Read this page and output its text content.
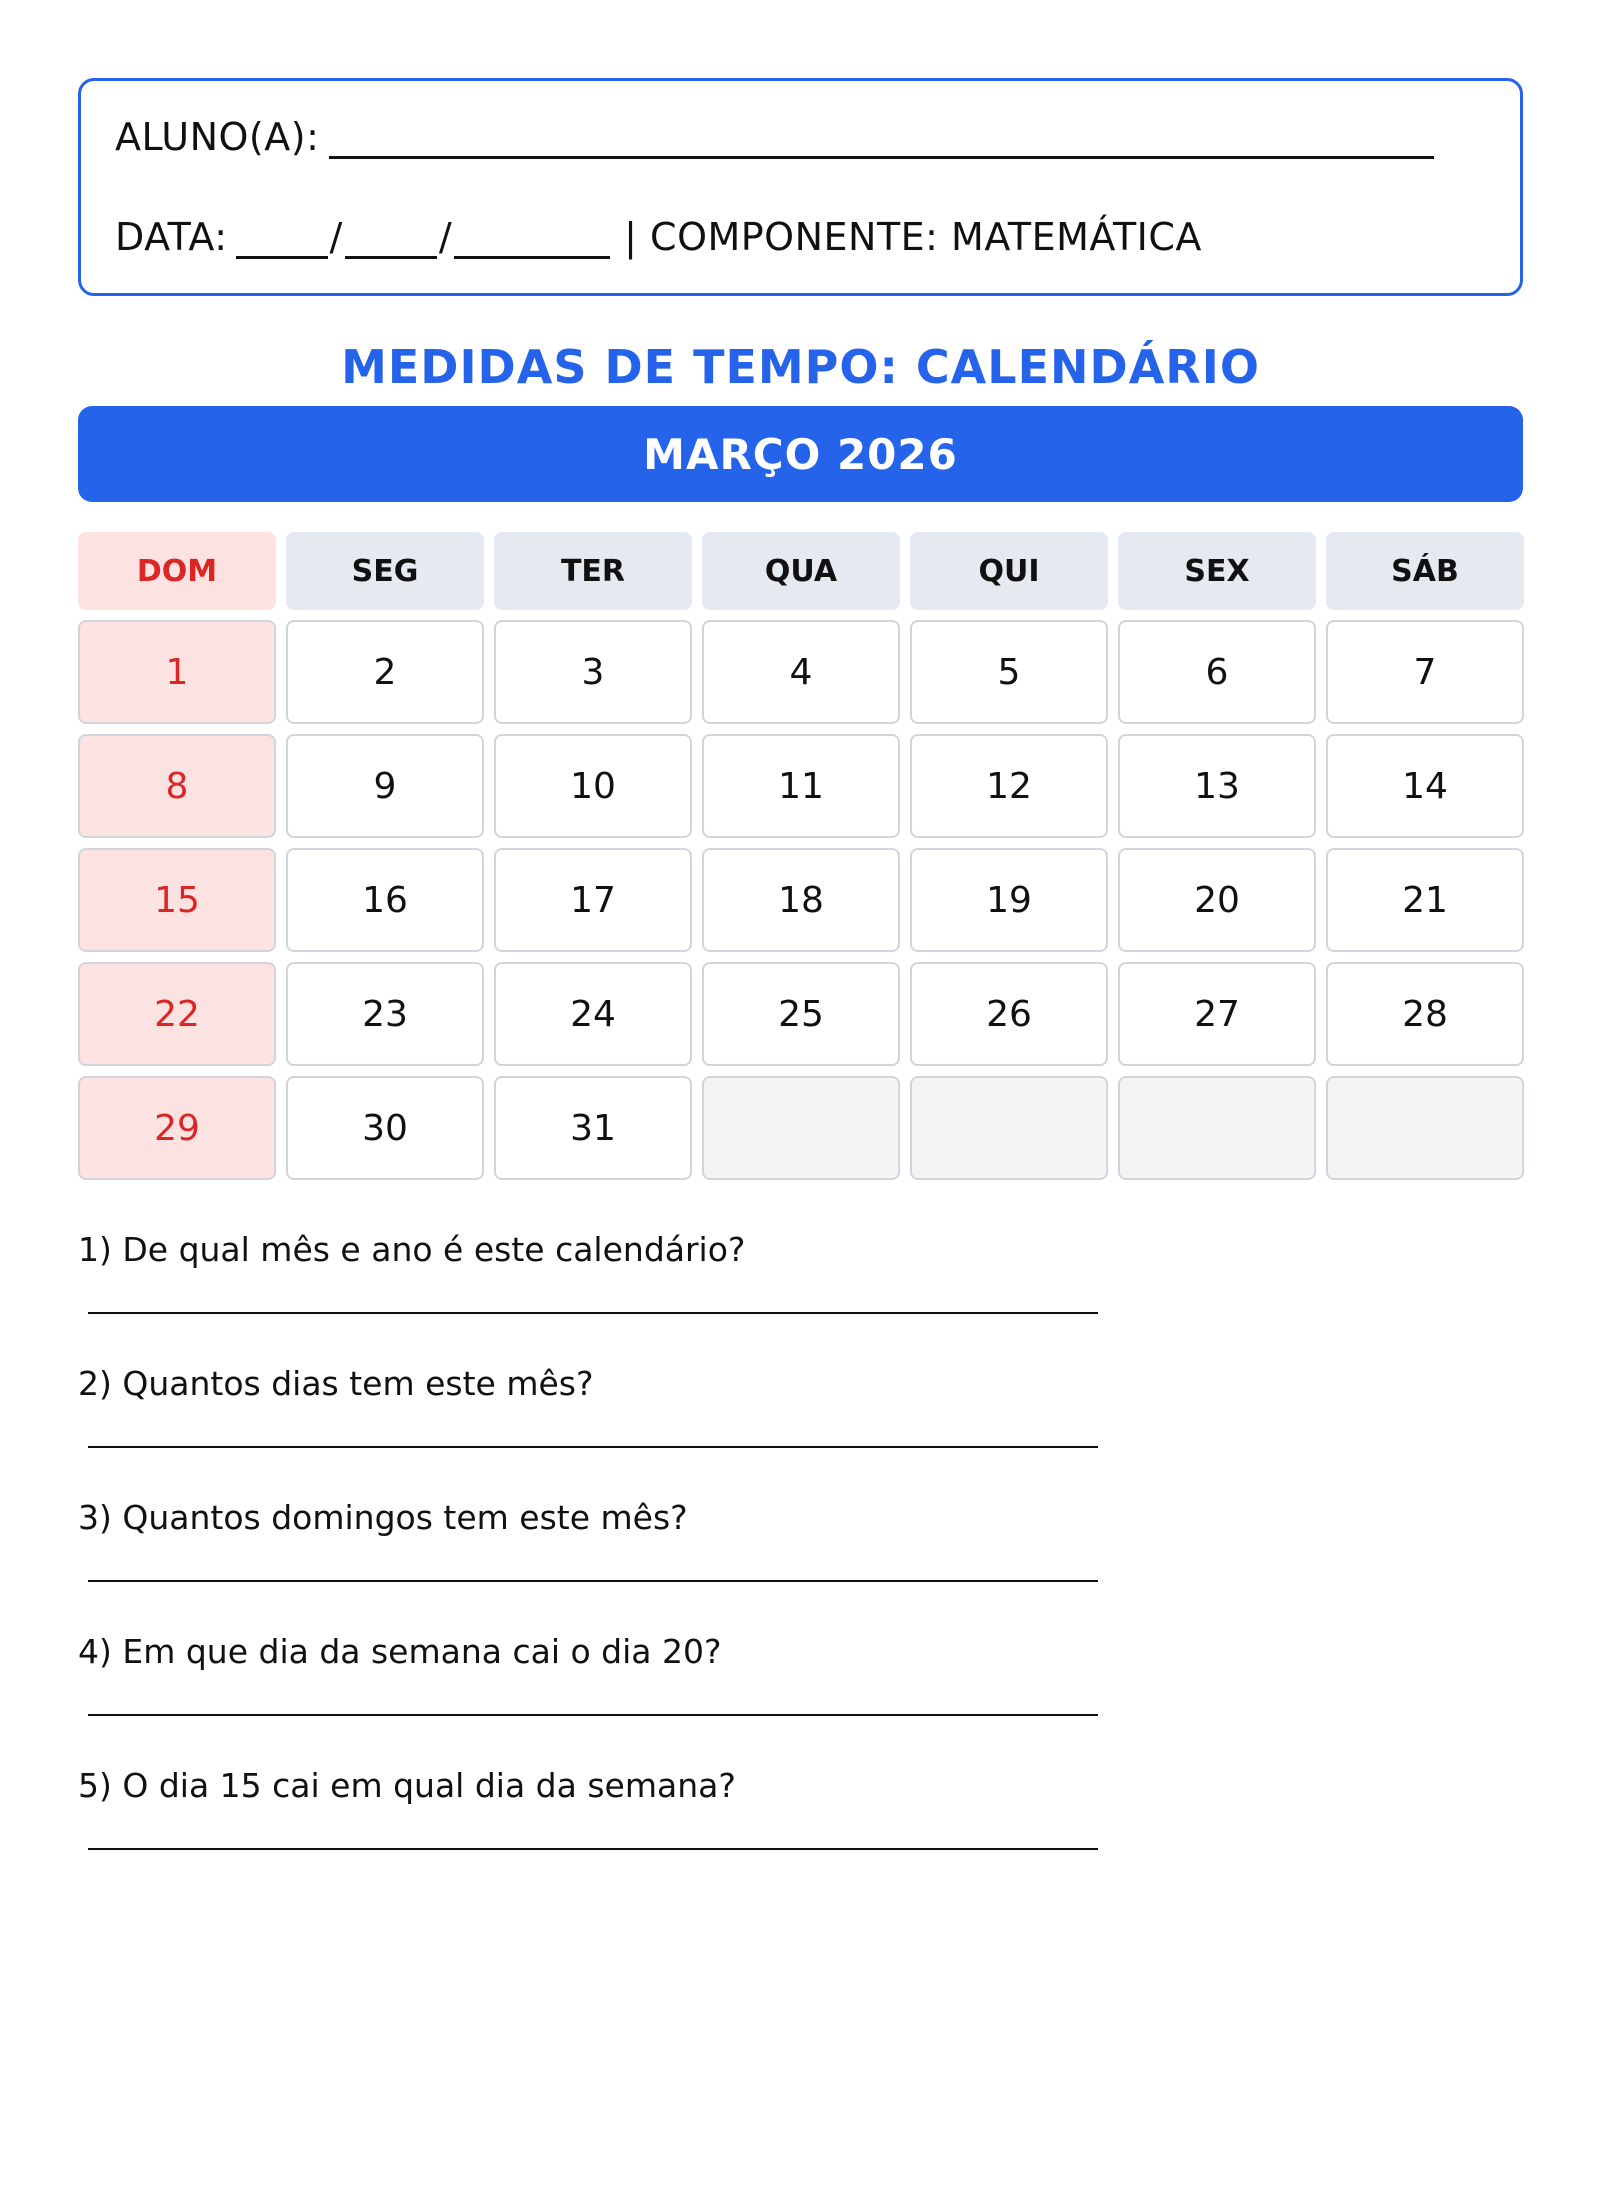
ALUNO(A):
DATA:	/	/	| COMPONENTE: MATEMÁTICA
MEDIDAS DE TEMPO: CALENDÁRIO
MARÇO 2026
DOM	SEG	TER	QUA	QUI	SEX	SÁB
1	2	3	4	5	6	7
8	9	10	11	12	13	14
15	16	17	18	19	20	21
22	23	24	25	26	27	28
29	30	31
1) De qual mês e ano é este calendário?
2) Quantos dias tem este mês?
3) Quantos domingos tem este mês?
4) Em que dia da semana cai o dia 20?
5) O dia 15 cai em qual dia da semana?
